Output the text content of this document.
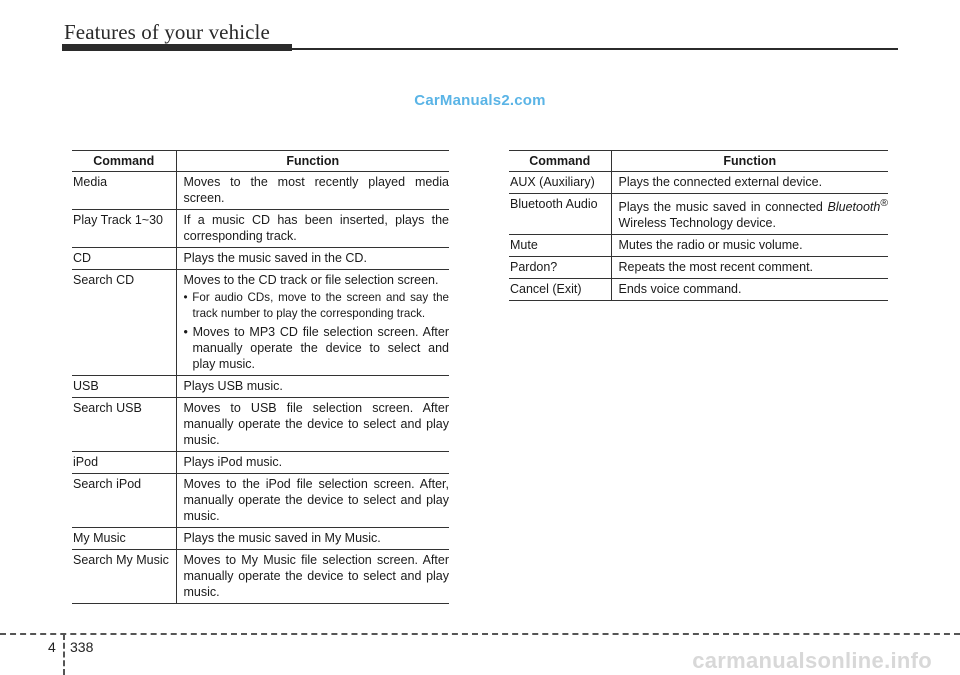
Features of your vehicle
CarManuals2.com
Command	Function
Media	Moves to the most recently played media screen.
Play Track 1~30	If a music CD has been inserted, plays the corresponding track.
CD	Plays the music saved in the CD.
Search CD	Moves to the CD track or file selection screen.
• For audio CDs, move to the screen and say the track number to play the corresponding track.
• Moves to MP3 CD file selection screen. After manually operate the device to select and play music.

USB	Plays USB music.
Search USB	Moves to USB file selection screen. After manually operate the device to select and play music.
iPod	Plays iPod music.
Search iPod	Moves to the iPod file selection screen. After, manually operate the device to select and play music.
My Music	Plays the music saved in My Music.
Search My Music	Moves to My Music file selection screen. After manually operate the device to select and play music.
Command	Function
AUX (Auxiliary)	Plays the connected external device.
Bluetooth Audio	Plays the music saved in connected Bluetooth® Wireless Technology device.
Mute	Mutes the radio or music volume.
Pardon?	Repeats the most recent comment.
Cancel (Exit)	Ends voice command.
4 338
carmanualsonline.info
